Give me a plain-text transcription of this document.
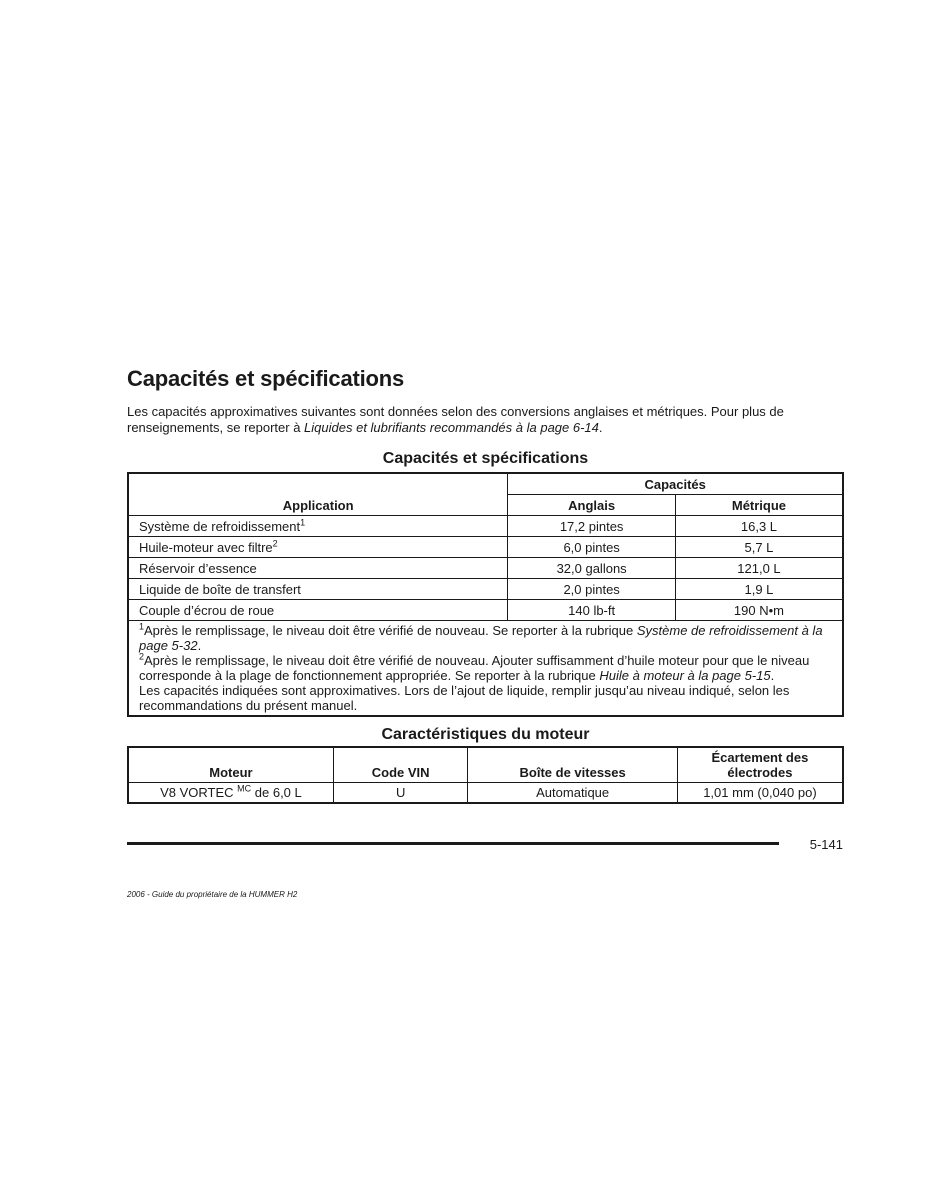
Capacités et spécifications

Les capacités approximatives suivantes sont données selon des conversions anglaises et métriques. Pour plus de renseignements, se reporter à Liquides et lubrifiants recommandés à la page 6-14.

Capacités et spécifications
Application	Capacités	
	Anglais	Métrique
Système de refroidissement$^1$	17,2 pintes	16,3 L
Huile-moteur avec filtre$^2$	6,0 pintes	5,7 L
Réservoir d’essence	32,0 gallons	121,0 L
Liquide de boîte de transfert	2,0 pintes	1,9 L
Couple d’écrou de roue	140 lb-ft	190 N•m

$^1$Après le remplissage, le niveau doit être vérifié de nouveau. Se reporter à la rubrique Système de refroidissement à la page 5-32.
$^2$Après le remplissage, le niveau doit être vérifié de nouveau. Ajouter suffisamment d’huile moteur pour que le niveau corresponde à la plage de fonctionnement appropriée. Se reporter à la rubrique Huile à moteur à la page 5-15.
Les capacités indiquées sont approximatives. Lors de l’ajout de liquide, remplir jusqu’au niveau indiqué, selon les recommandations du présent manuel.		
Caractéristiques du moteur
Moteur	Code VIN	Boîte de vitesses	Écartement des électrodes
V8 VORTEC $^{MC}$ de 6,0 L	U	Automatique	1,01 mm (0,040 po)
5-141
2006 - Guide du propriétaire de la HUMMER H2
